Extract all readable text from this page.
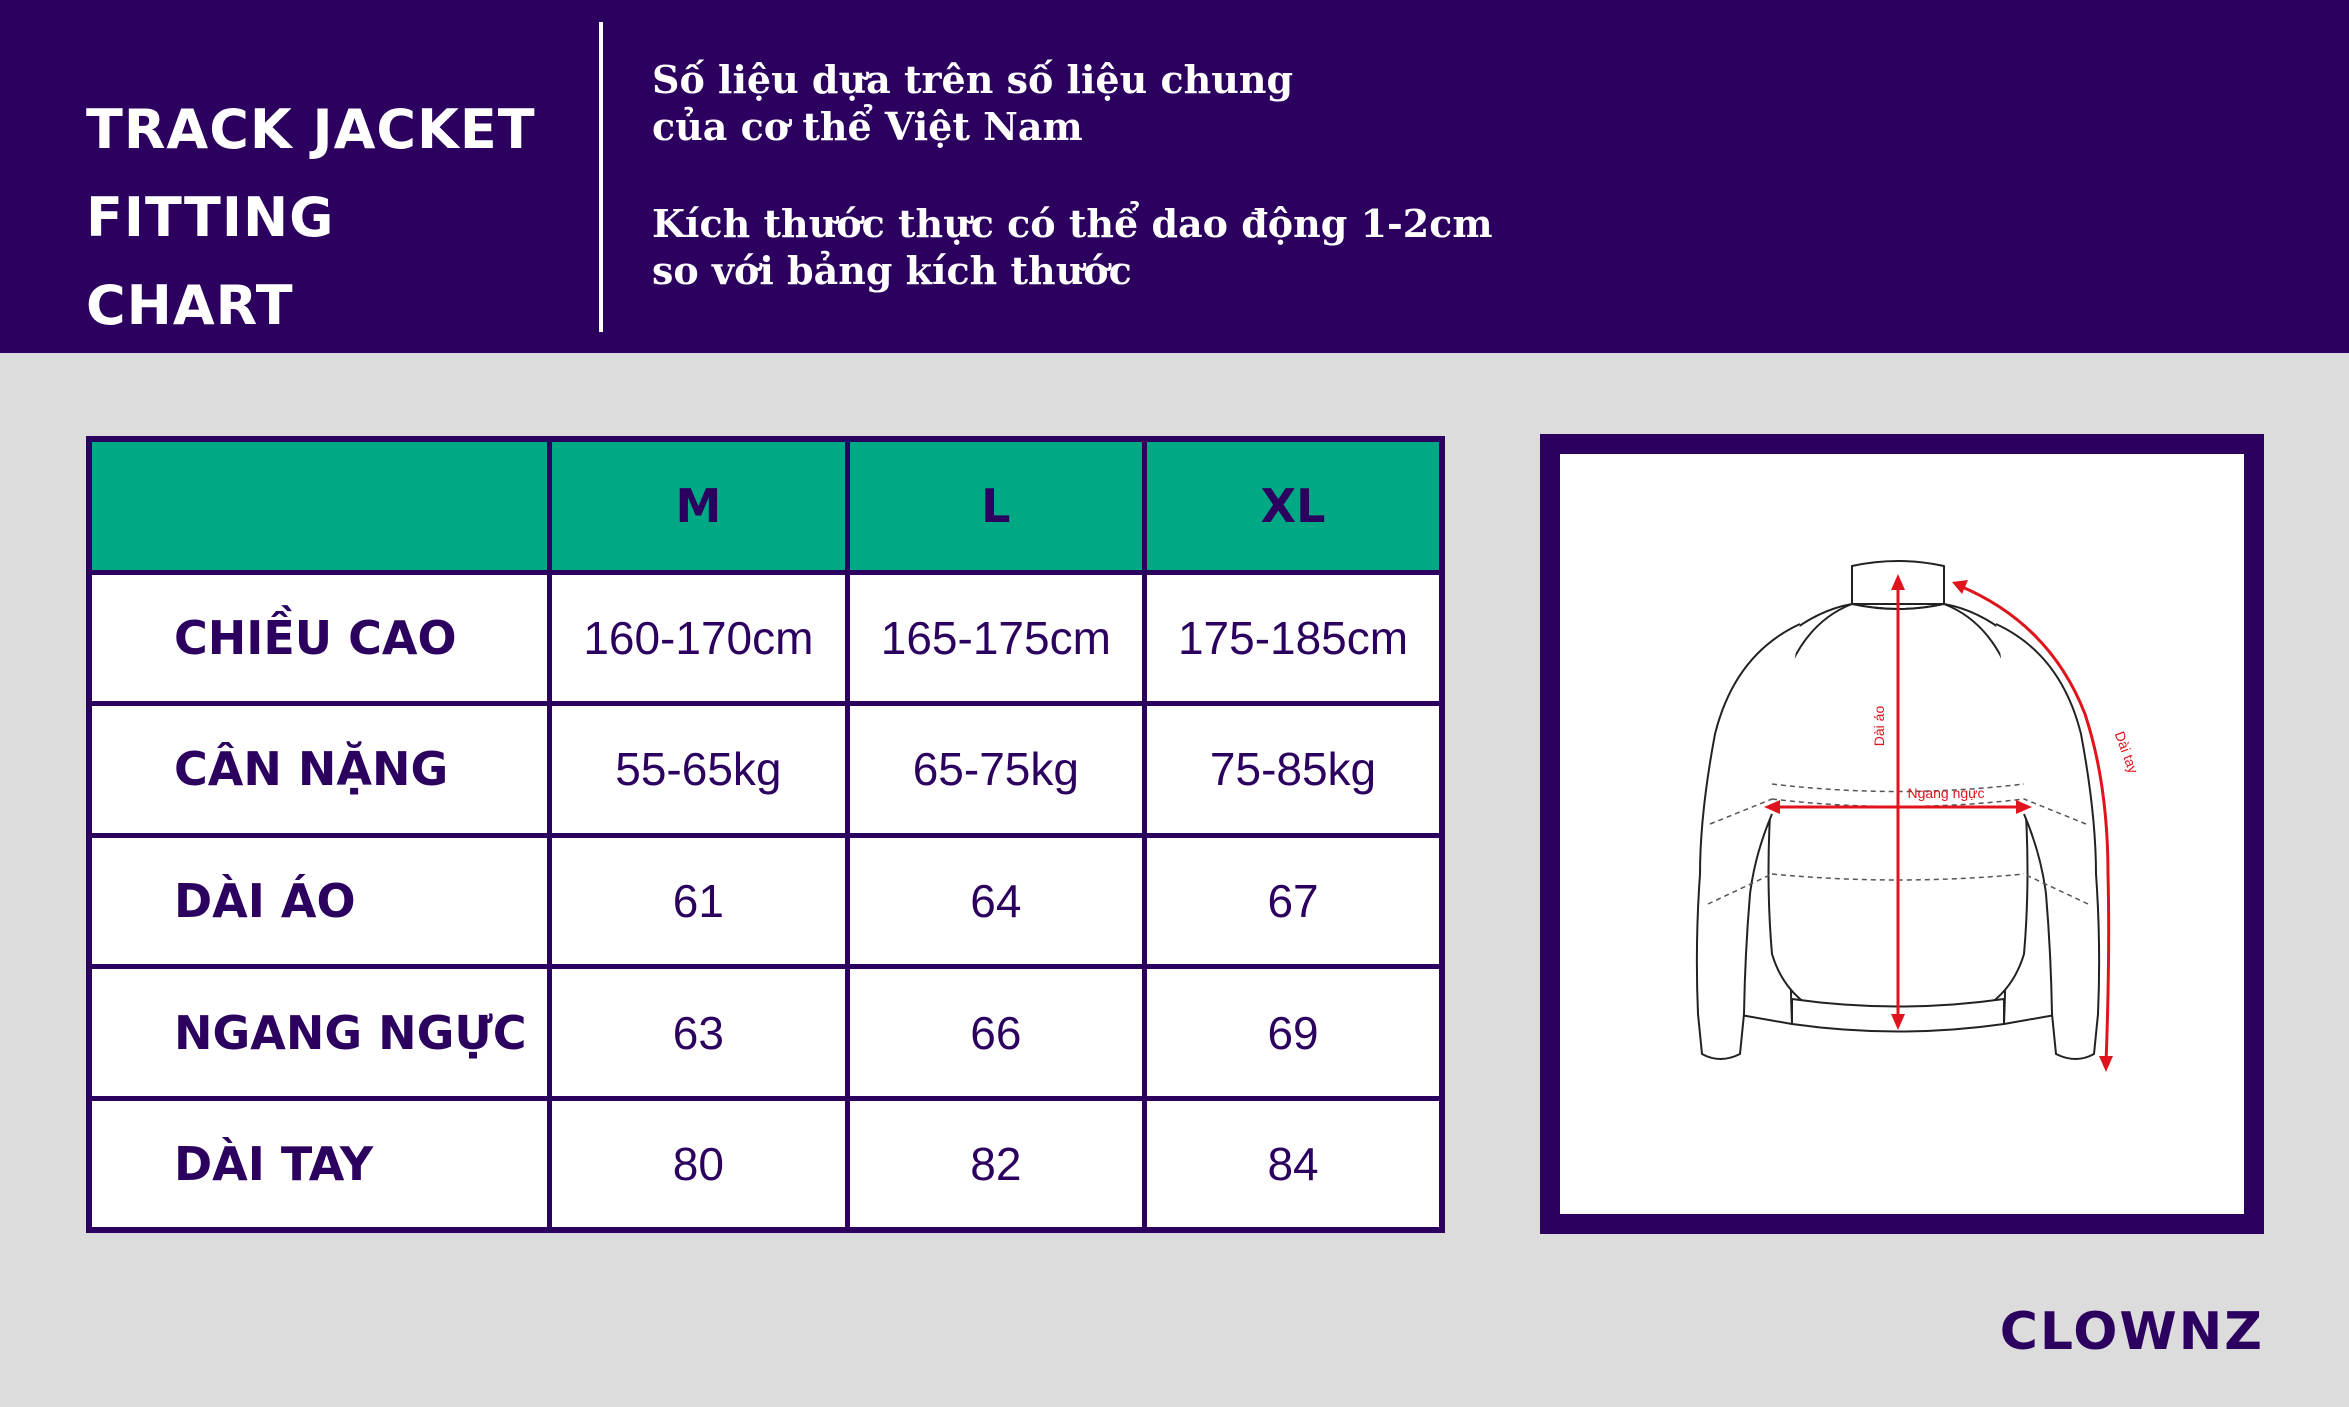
TRACK JACKET
FITTING
CHART

Số liệu dựa trên số liệu chung

của cơ thể Việt Nam

Kích thước thực có thể dao động 1-2cm

so với bảng kích thước

	M	L	XL
CHIỀU CAO	160-170cm	165-175cm	175-185cm
CÂN NẶNG	55-65kg	65-75kg	75-85kg
DÀI ÁO	61	64	67
NGANG NGỰC	63	66	69
DÀI TAY	80	82	84
Dài áo
Ngang ngực
Dài tay
CLOWNZ
